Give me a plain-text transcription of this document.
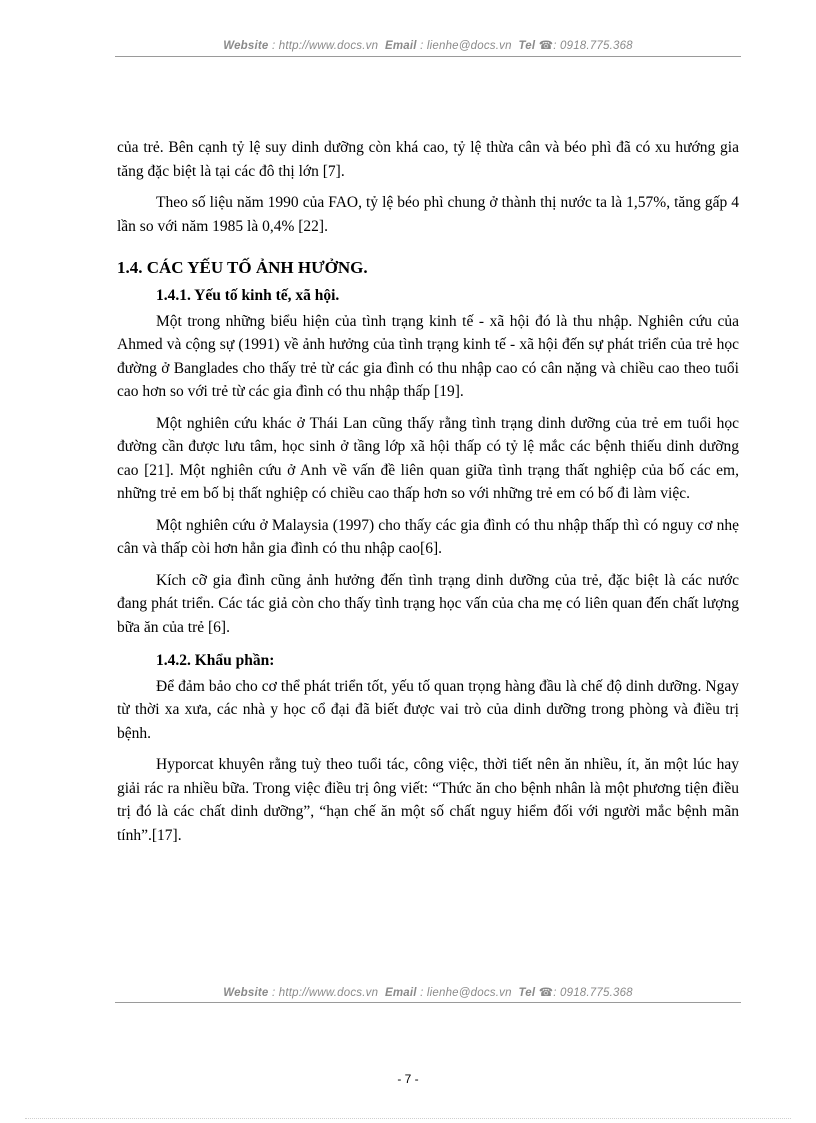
Website : http://www.docs.vn Email : lienhe@docs.vn Tel ☎: 0918.775.368

của trẻ. Bên cạnh tỷ lệ suy dinh dưỡng còn khá cao, tỷ lệ thừa cân và béo phì đã có xu hướng gia tăng đặc biệt là tại các đô thị lớn [7].

Theo số liệu năm 1990 của FAO, tỷ lệ béo phì chung ở thành thị nước ta là 1,57%, tăng gấp 4 lần so với năm 1985 là 0,4% [22].

1.4. CÁC YẾU TỐ ẢNH HƯỞNG.
1.4.1. Yếu tố kinh tế, xã hội.

Một trong những biểu hiện của tình trạng kinh tế - xã hội đó là thu nhập. Nghiên cứu của Ahmed và cộng sự (1991) về ảnh hưởng của tình trạng kinh tế - xã hội đến sự phát triển của trẻ học đường ở Banglades cho thấy trẻ từ các gia đình có thu nhập cao có cân nặng và chiều cao theo tuổi cao hơn so với trẻ từ các gia đình có thu nhập thấp [19].

Một nghiên cứu khác ở Thái Lan cũng thấy rằng tình trạng dinh dưỡng của trẻ em tuổi học đường cần được lưu tâm, học sinh ở tầng lớp xã hội thấp có tỷ lệ mắc các bệnh thiếu dinh dưỡng cao [21]. Một nghiên cứu ở Anh về vấn đề liên quan giữa tình trạng thất nghiệp của bố các em, những trẻ em bố bị thất nghiệp có chiều cao thấp hơn so với những trẻ em có bố đi làm việc.

Một nghiên cứu ở Malaysia (1997) cho thấy các gia đình có thu nhập thấp thì có nguy cơ nhẹ cân và thấp còi hơn hẳn gia đình có thu nhập cao[6].

Kích cỡ gia đình cũng ảnh hưởng đến tình trạng dinh dưỡng của trẻ, đặc biệt là các nước đang phát triển. Các tác giả còn cho thấy tình trạng học vấn của cha mẹ có liên quan đến chất lượng bữa ăn của trẻ [6].

1.4.2. Khẩu phần:

Để đảm bảo cho cơ thể phát triển tốt, yếu tố quan trọng hàng đầu là chế độ dinh dưỡng. Ngay từ thời xa xưa, các nhà y học cổ đại đã biết được vai trò của dinh dưỡng trong phòng và điều trị bệnh.

Hyporcat khuyên rằng tuỳ theo tuổi tác, công việc, thời tiết nên ăn nhiều, ít, ăn một lúc hay giải rác ra nhiều bữa. Trong việc điều trị ông viết: “Thức ăn cho bệnh nhân là một phương tiện điều trị đó là các chất dinh dưỡng”, “hạn chế ăn một số chất nguy hiểm đối với người mắc bệnh mãn tính”.[17].

Website : http://www.docs.vn Email : lienhe@docs.vn Tel ☎: 0918.775.368
- 7 -
